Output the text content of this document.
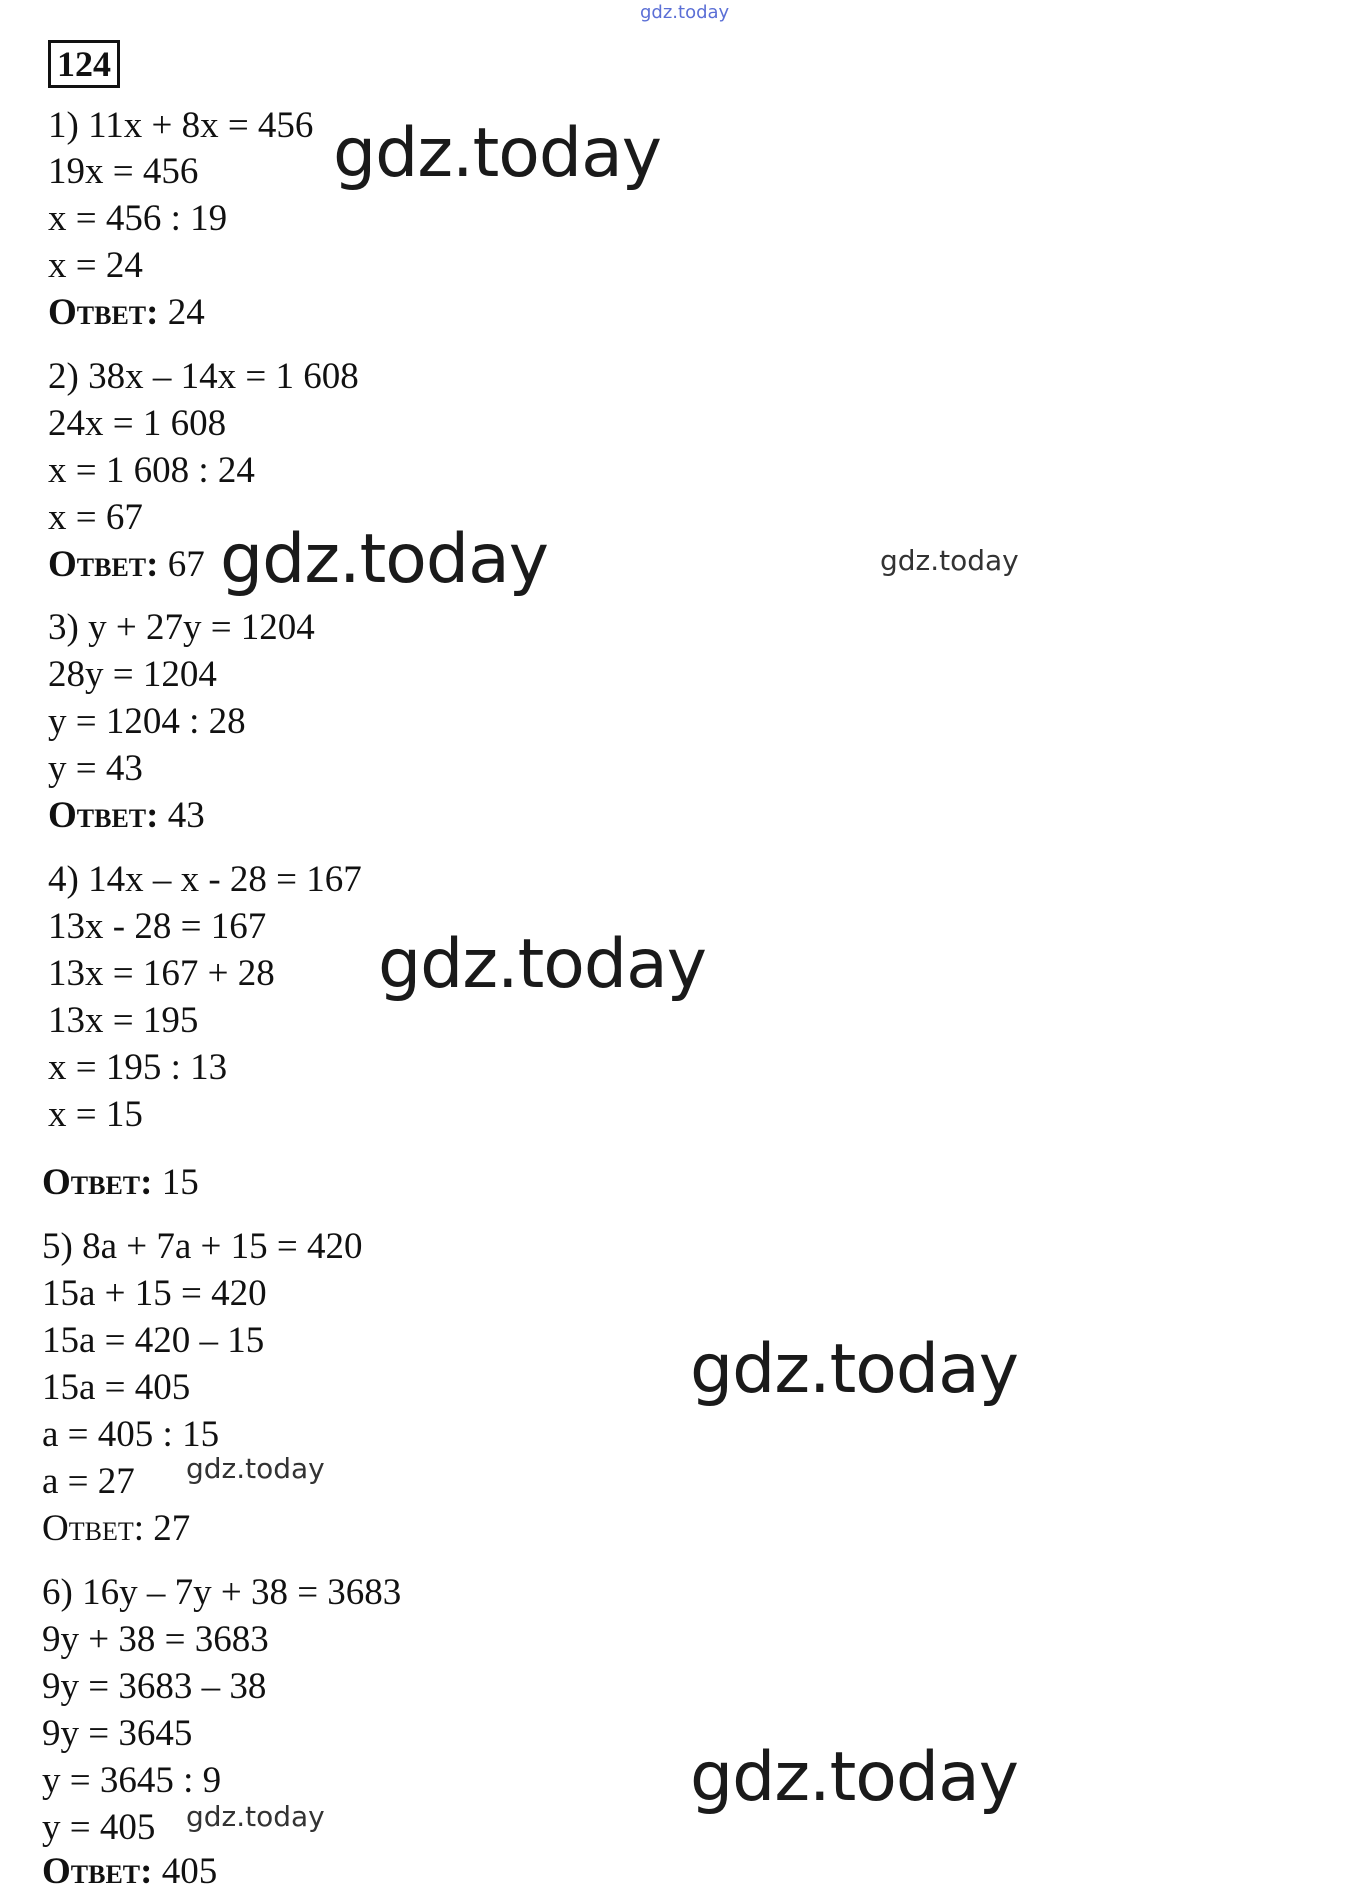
gdz.today
124
1) 11x + 8x = 456
19x = 456
x = 456 : 19
x = 24
Ответ: 24
2) 38x – 14x = 1 608
24x = 1 608
x = 1 608 : 24
x = 67
Ответ: 67
3) y + 27y = 1204
28y = 1204
y = 1204 : 28
y = 43
Ответ: 43
4) 14x – x - 28 = 167
13x - 28 = 167
13x = 167 + 28
13x = 195
x = 195 : 13
x = 15
Ответ: 15
5) 8a + 7a + 15 = 420
15a + 15 = 420
15a = 420 – 15
15a = 405
a = 405 : 15
a = 27
Ответ: 27
6) 16y – 7y + 38 = 3683
9y + 38 = 3683
9y = 3683 – 38
9y = 3645
y = 3645 : 9
y = 405
Ответ: 405
gdz.today
gdz.today	gdz.today
gdz.today
gdz.today
gdz.today
gdz.today
gdz.today
